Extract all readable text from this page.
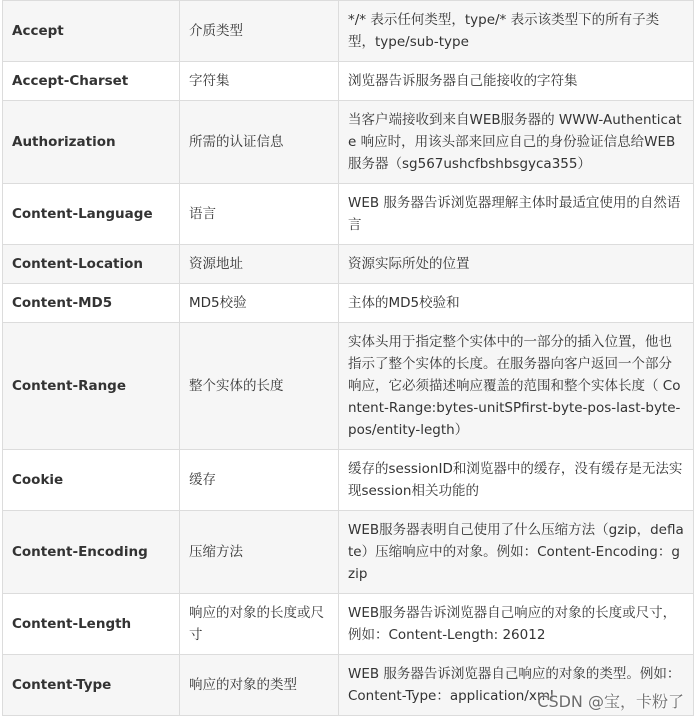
Accept	介质类型	*/* 表示任何类型，type/* 表示该类型下的所有子类型，type/sub-type
Accept-Charset	字符集	浏览器告诉服务器自己能接收的字符集
Authorization	所需的认证信息	当客户端接收到来自WEB服务器的 WWW-Authenticate 响应时，用该头部来回应自己的身份验证信息给WEB服务器（sg567ushcfbshbsgyca355）
Content-Language	语言	WEB 服务器告诉浏览器理解主体时最适宜使用的自然语言
Content-Location	资源地址	资源实际所处的位置
Content-MD5	MD5校验	主体的MD5校验和
Content-Range	整个实体的长度	实体头用于指定整个实体中的一部分的插入位置，他也指示了整个实体的长度。在服务器向客户返回一个部分响应，它必须描述响应覆盖的范围和整个实体长度（ Content-Range:bytes-unitSPfirst-byte-pos-last-byte-pos/entity-legth）
Cookie	缓存	缓存的sessionID和浏览器中的缓存，没有缓存是无法实现session相关功能的
Content-Encoding	压缩方法	WEB服务器表明自己使用了什么压缩方法（gzip，deflate）压缩响应中的对象。例如：Content-Encoding：gzip
Content-Length	响应的对象的长度或尺寸	WEB服务器告诉浏览器自己响应的对象的长度或尺寸，例如：Content-Length: 26012
Content-Type	响应的对象的类型	WEB 服务器告诉浏览器自己响应的对象的类型。例如：Content-Type：application/xml
CSDN @宝，卡粉了
